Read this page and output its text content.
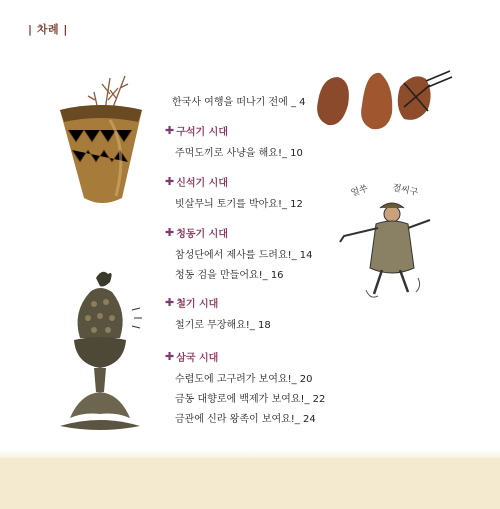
| 차례 |
얼쑤 절씨구
한국사 여행을 떠나기 전에 _ 4
✚ 구석기 시대
주먹도끼로 사냥을 해요!_ 10
✚ 신석기 시대
빗살무늬 토기를 박아요!_ 12
✚ 청동기 시대
참성단에서 제사를 드려요!_ 14
청동 검을 만들어요!_ 16
✚ 철기 시대
철기로 무장해요!_ 18
✚ 삼국 시대
수렵도에 고구려가 보여요!_ 20
금동 대향로에 백제가 보여요!_ 22
금관에 신라 왕족이 보여요!_ 24
